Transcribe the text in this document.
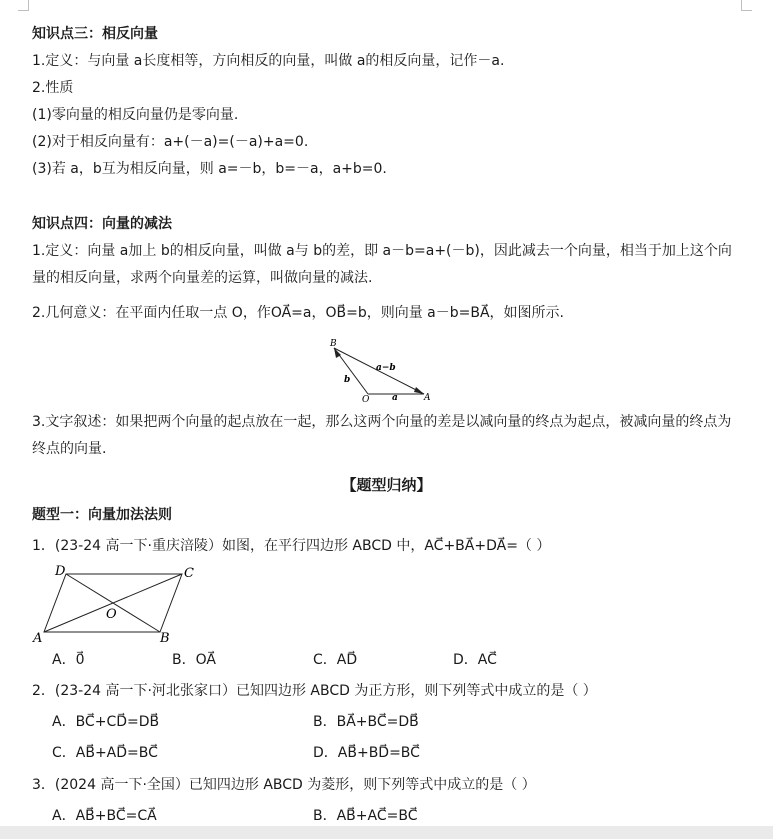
知识点三：相反向量
1.定义：与向量 a长度相等，方向相反的向量，叫做 a的相反向量，记作－a.
2.性质
(1)零向量的相反向量仍是零向量.
(2)对于相反向量有：a+(－a)=(－a)+a=0.
(3)若 a，b互为相反向量，则 a=－b，b=－a，a+b=0.
知识点四：向量的减法
1.定义：向量 a加上 b的相反向量，叫做 a与 b的差，即 a－b=a+(－b)，因此减去一个向量，相当于加上这个向
量的相反向量，求两个向量差的运算，叫做向量的减法.
2.几何意义：在平面内任取一点 O，作OA⃗=a，OB⃗=b，则向量 a－b=BA⃗，如图所示.
B
O	A
a−b
b
a
3.文字叙述：如果把两个向量的起点放在一起，那么这两个向量的差是以减向量的终点为起点，被减向量的终点为
终点的向量.
【题型归纳】
题型一：向量加法法则
1．(23-24 高一下·重庆涪陵）如图，在平行四边形 ABCD 中，AC⃗+BA⃗+DA⃗=（ ）
A	B
C
D
O
A．0⃗	B．OA⃗	C．AD⃗	D．AC⃗
2．(23-24 高一下·河北张家口）已知四边形 ABCD 为正方形，则下列等式中成立的是（ ）
A．BC⃗+CD⃗=DB⃗	B．BA⃗+BC⃗=DB⃗
C．AB⃗+AD⃗=BC⃗	D．AB⃗+BD⃗=BC⃗
3．(2024 高一下·全国）已知四边形 ABCD 为菱形，则下列等式中成立的是（ ）
A．AB⃗+BC⃗=CA⃗	B．AB⃗+AC⃗=BC⃗
